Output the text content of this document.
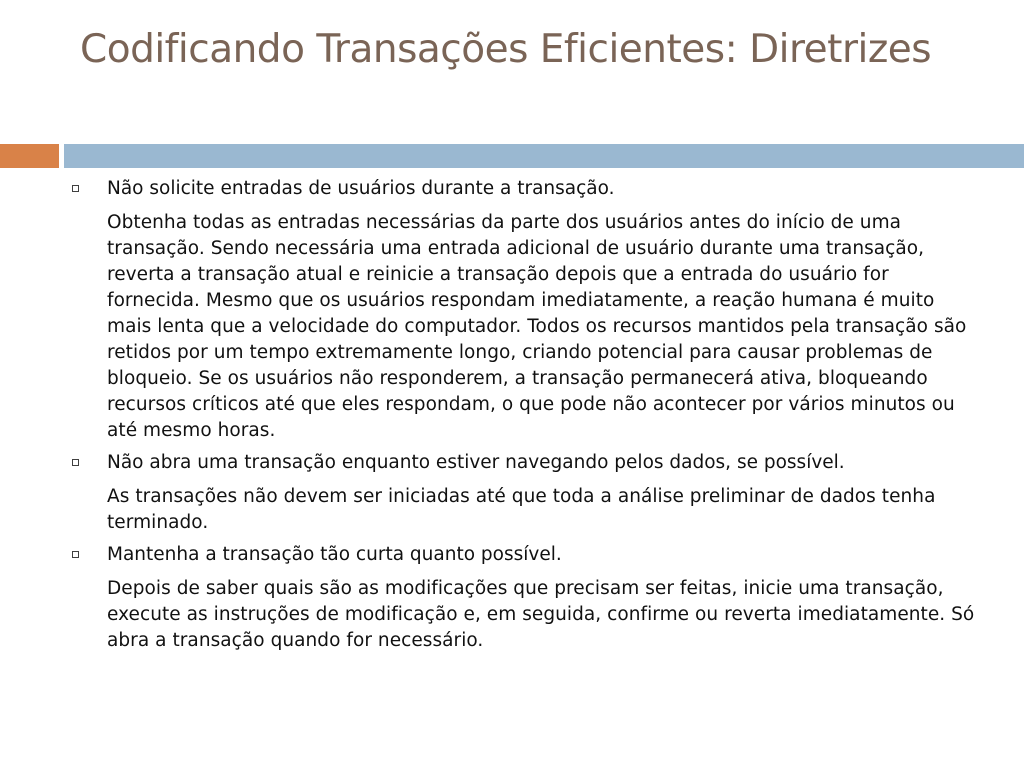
Codificando Transações Eficientes: Diretrizes

Não solicite entradas de usuários durante a transação.

Obtenha todas as entradas necessárias da parte dos usuários antes do início de uma transação. Sendo necessária uma entrada adicional de usuário durante uma transação, reverta a transação atual e reinicie a transação depois que a entrada do usuário for fornecida. Mesmo que os usuários respondam imediatamente, a reação humana é muito mais lenta que a velocidade do computador. Todos os recursos mantidos pela transação são retidos por um tempo extremamente longo, criando potencial para causar problemas de bloqueio. Se os usuários não responderem, a transação permanecerá ativa, bloqueando recursos críticos até que eles respondam, o que pode não acontecer por vários minutos ou até mesmo horas.

Não abra uma transação enquanto estiver navegando pelos dados, se possível.

As transações não devem ser iniciadas até que toda a análise preliminar de dados tenha terminado.

Mantenha a transação tão curta quanto possível.

Depois de saber quais são as modificações que precisam ser feitas, inicie uma transação, execute as instruções de modificação e, em seguida, confirme ou reverta imediatamente. Só abra a transação quando for necessário.
